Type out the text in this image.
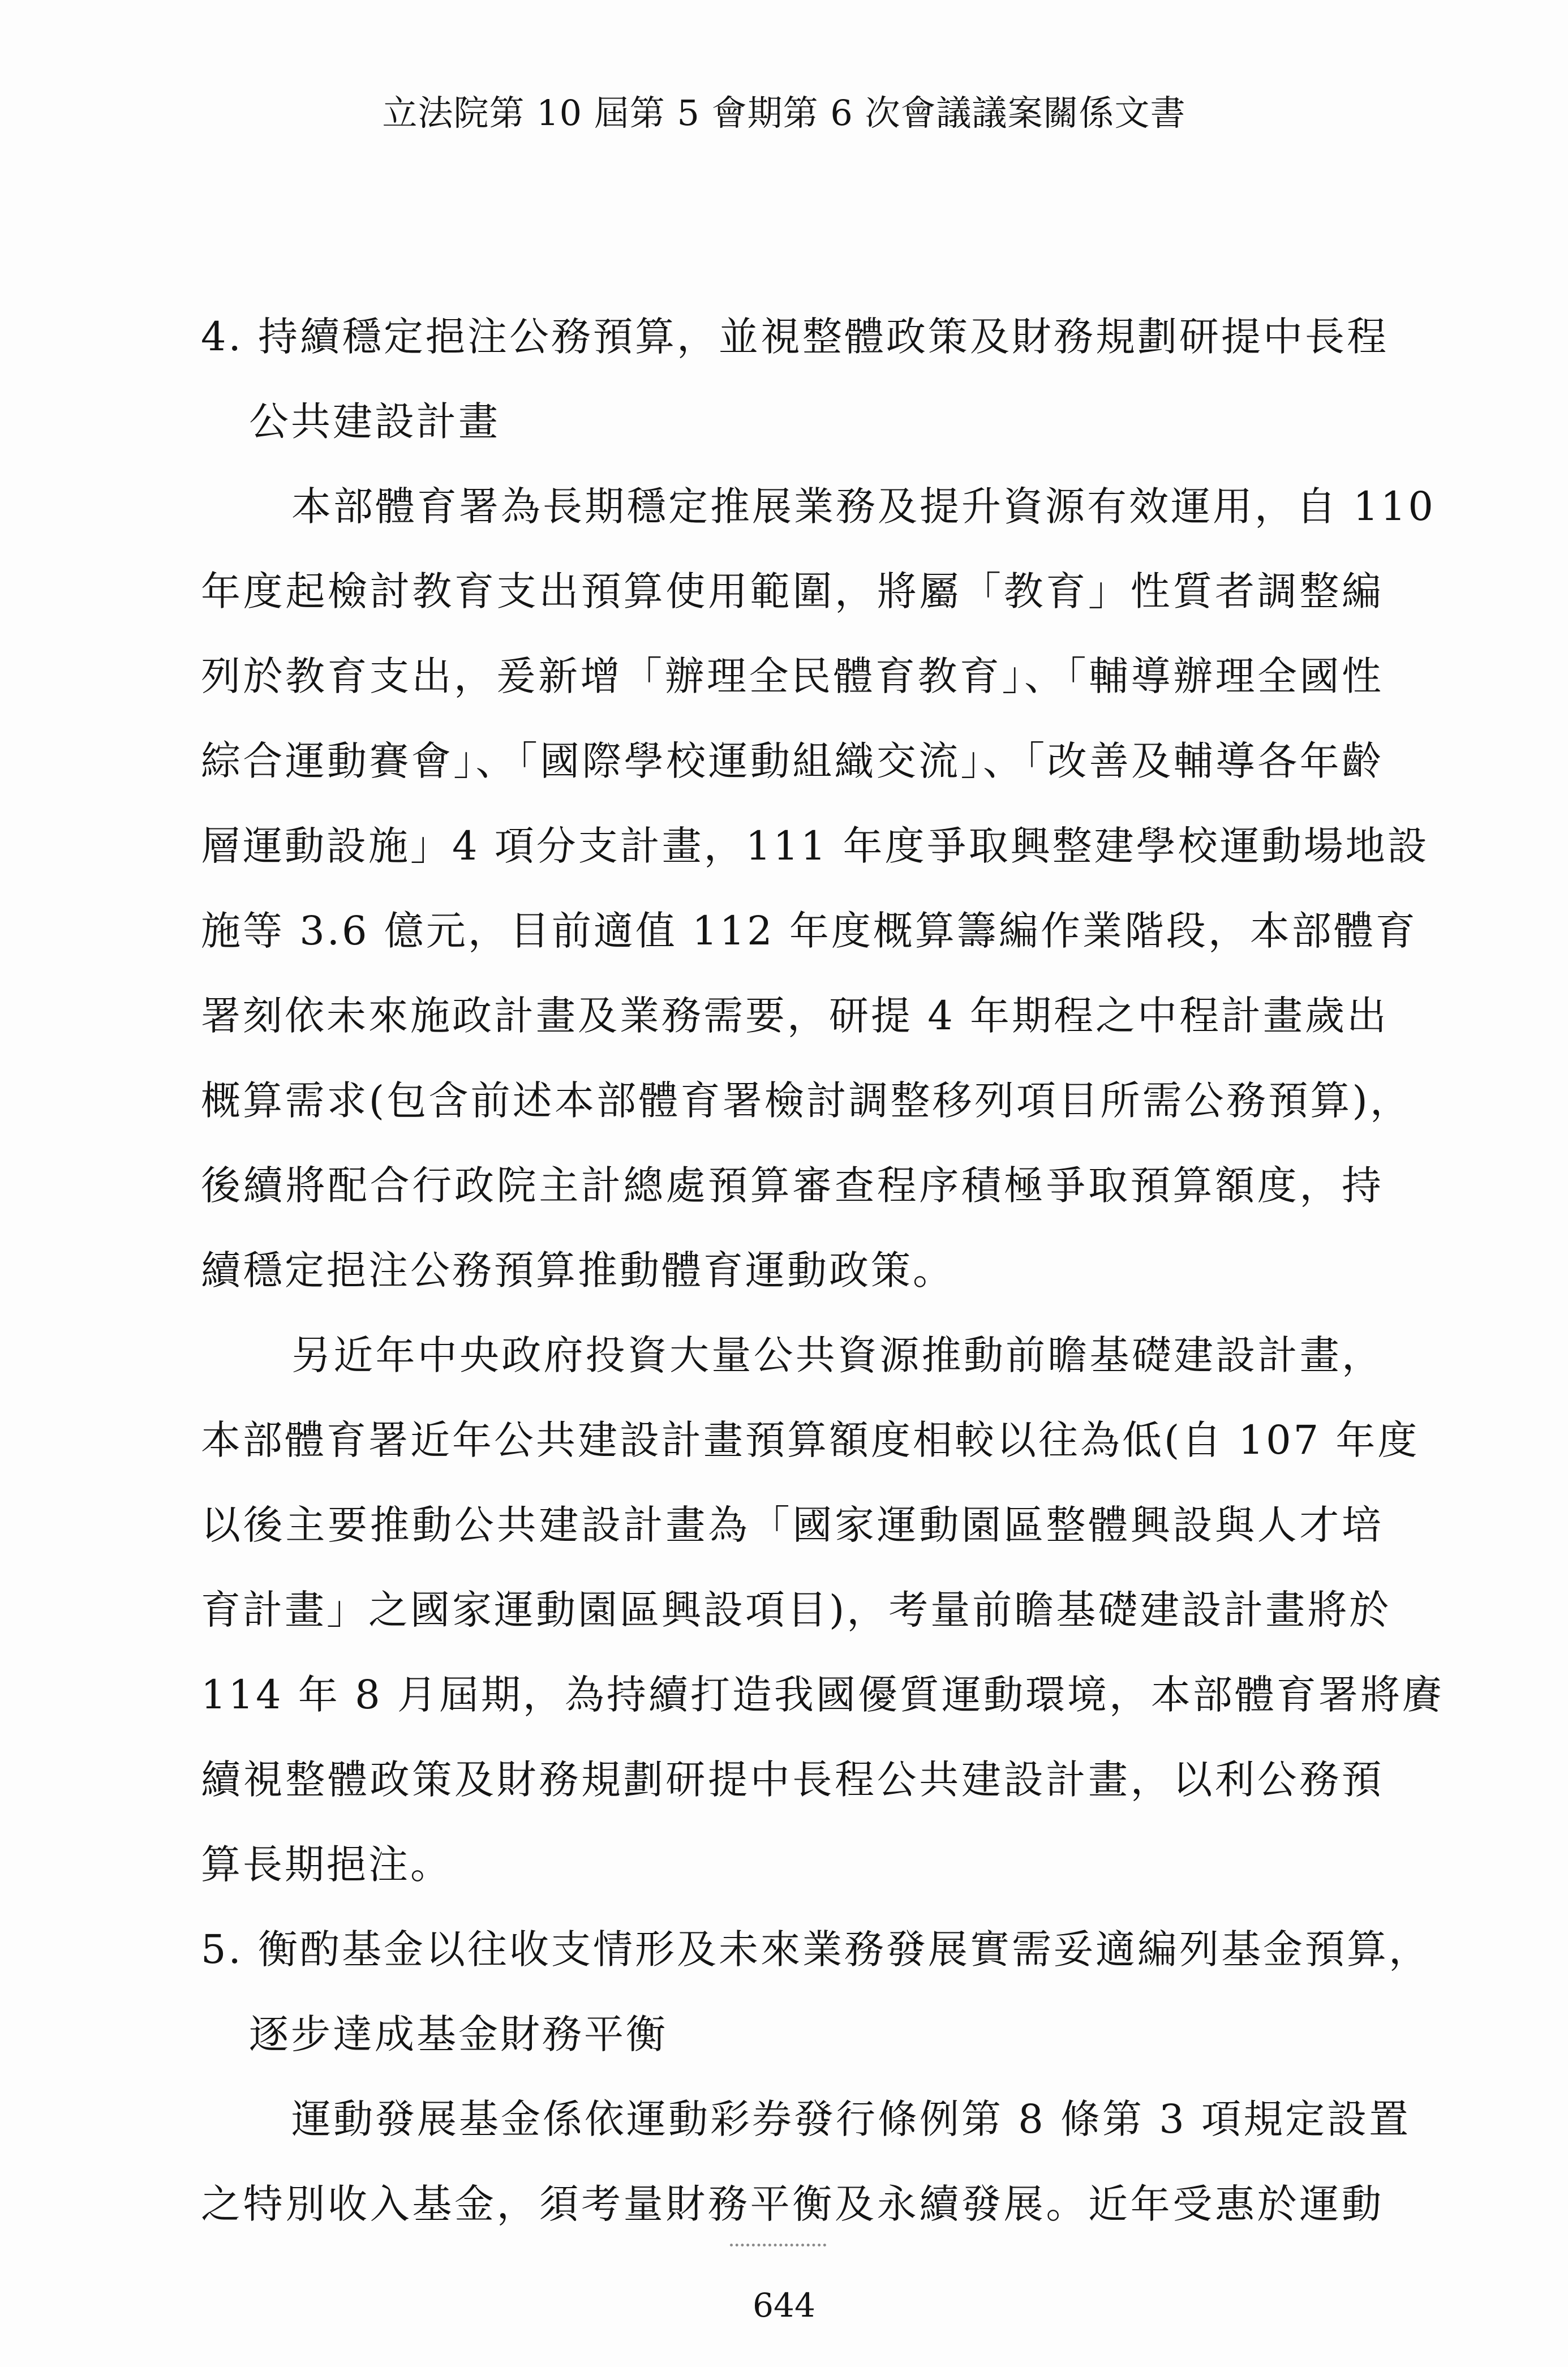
立法院第 10 屆第 5 會期第 6 次會議議案關係文書
4. 持續穩定挹注公務預算，並視整體政策及財務規劃研提中長程
公共建設計畫
本部體育署為長期穩定推展業務及提升資源有效運用，自 110
年度起檢討教育支出預算使用範圍，將屬「教育」性質者調整編
列於教育支出，爰新增「辦理全民體育教育」、「輔導辦理全國性
綜合運動賽會」、「國際學校運動組織交流」、「改善及輔導各年齡
層運動設施」4 項分支計畫，111 年度爭取興整建學校運動場地設
施等 3.6 億元，目前適值 112 年度概算籌編作業階段，本部體育
署刻依未來施政計畫及業務需要，研提 4 年期程之中程計畫歲出
概算需求(包含前述本部體育署檢討調整移列項目所需公務預算)，
後續將配合行政院主計總處預算審查程序積極爭取預算額度，持
續穩定挹注公務預算推動體育運動政策。
另近年中央政府投資大量公共資源推動前瞻基礎建設計畫，
本部體育署近年公共建設計畫預算額度相較以往為低(自 107 年度
以後主要推動公共建設計畫為「國家運動園區整體興設與人才培
育計畫」之國家運動園區興設項目)，考量前瞻基礎建設計畫將於
114 年 8 月屆期，為持續打造我國優質運動環境，本部體育署將賡
續視整體政策及財務規劃研提中長程公共建設計畫，以利公務預
算長期挹注。
5. 衡酌基金以往收支情形及未來業務發展實需妥適編列基金預算，
逐步達成基金財務平衡
運動發展基金係依運動彩券發行條例第 8 條第 3 項規定設置
之特別收入基金，須考量財務平衡及永續發展。近年受惠於運動
644
